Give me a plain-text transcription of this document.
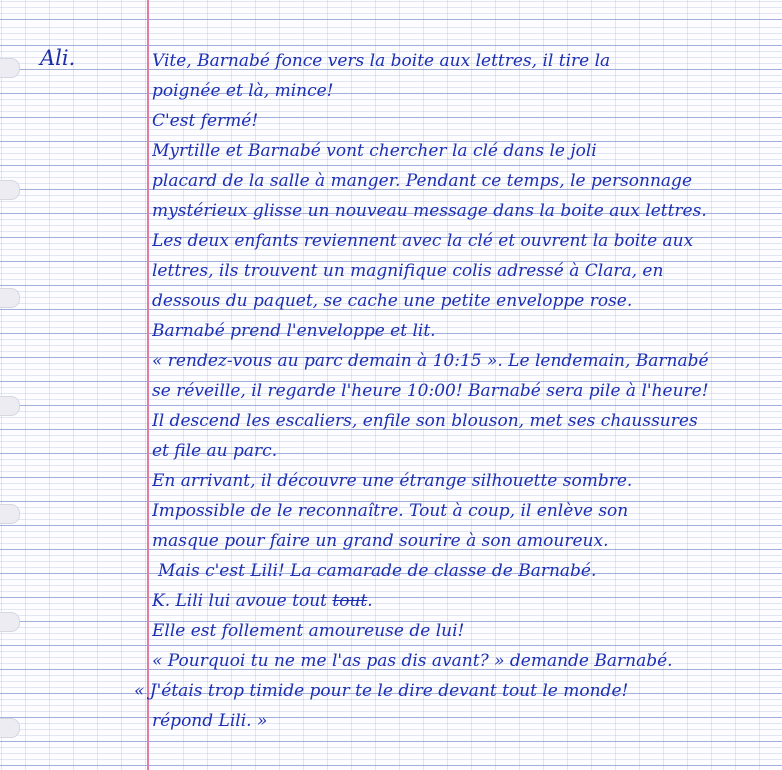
Ali.	Vite, Barnabé fonce vers la boite aux lettres, il tire la
poignée et là, mince!
C'est fermé!
Myrtille et Barnabé vont chercher la clé dans le joli
placard de la salle à manger. Pendant ce temps, le personnage
mystérieux glisse un nouveau message dans la boite aux lettres.
Les deux enfants reviennent avec la clé et ouvrent la boite aux
lettres, ils trouvent un magnifique colis adressé à Clara, en
dessous du paquet, se cache une petite enveloppe rose.
Barnabé prend l'enveloppe et lit.
« rendez-vous au parc demain à 10:15 ». Le lendemain, Barnabé
se réveille, il regarde l'heure 10:00! Barnabé sera pile à l'heure!
Il descend les escaliers, enfile son blouson, met ses chaussures
et file au parc.
En arrivant, il découvre une étrange silhouette sombre.
Impossible de le reconnaître. Tout à coup, il enlève son
masque pour faire un grand sourire à son amoureux.
Mais c'est Lili! La camarade de classe de Barnabé.
K. Lili lui avoue tout tout.
Elle est follement amoureuse de lui!
« Pourquoi tu ne me l'as pas dis avant? » demande Barnabé.
« J'étais trop timide pour te le dire devant tout le monde!
répond Lili. »
